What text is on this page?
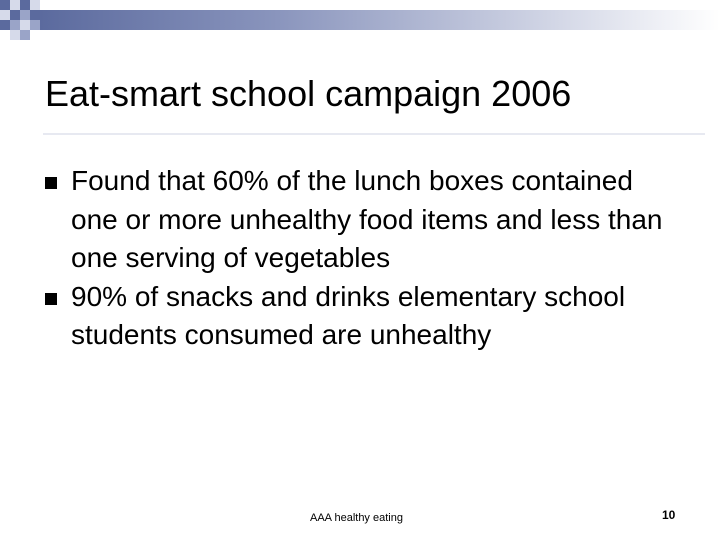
Eat-smart school campaign 2006
Found that 60% of the lunch boxes contained one or more unhealthy food items and less than one serving of vegetables
90% of snacks and drinks elementary school students consumed are unhealthy
AAA healthy eating	10
